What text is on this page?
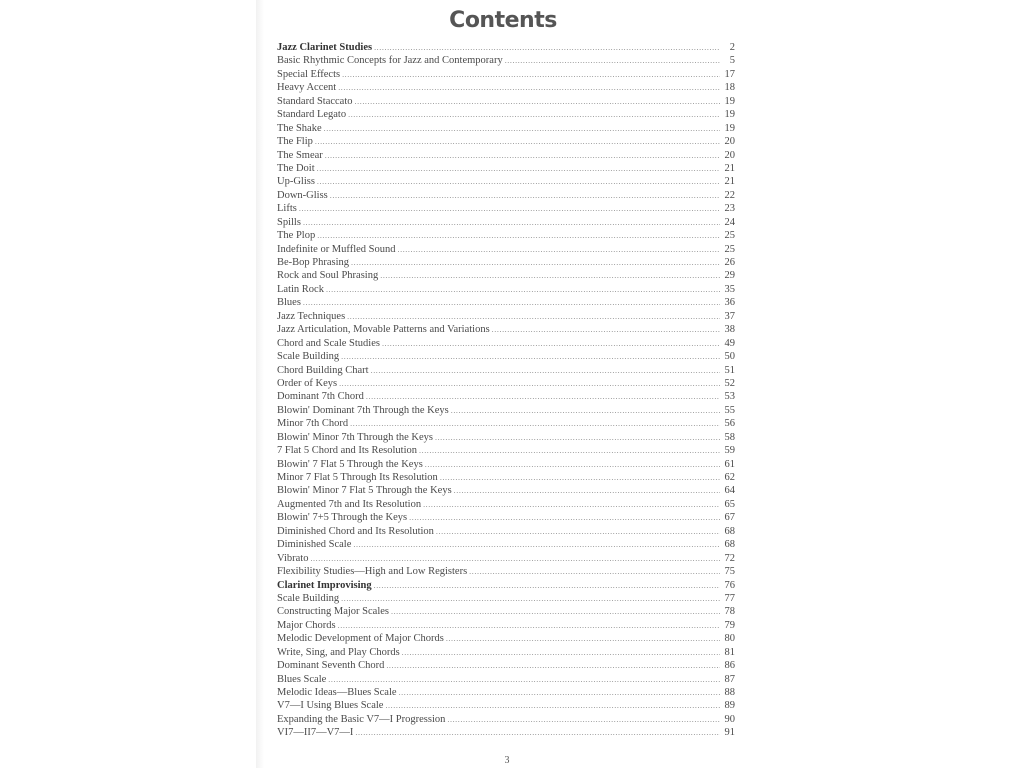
Contents
Jazz Clarinet Studies .....	2
Basic Rhythmic Concepts for Jazz and Contemporary .....	5
Special Effects .....	17
Heavy Accent .....	18
Standard Staccato .....	19
Standard Legato .....	19
The Shake .....	19
The Flip .....	20
The Smear .....	20
The Doit .....	21
Up-Gliss .....	21
Down-Gliss .....	22
Lifts .....	23
Spills .....	24
The Plop .....	25
Indefinite or Muffled Sound .....	25
Be-Bop Phrasing .....	26
Rock and Soul Phrasing .....	29
Latin Rock .....	35
Blues .....	36
Jazz Techniques .....	37
Jazz Articulation, Movable Patterns and Variations .....	38
Chord and Scale Studies .....	49
Scale Building .....	50
Chord Building Chart .....	51
Order of Keys .....	52
Dominant 7th Chord .....	53
Blowin' Dominant 7th Through the Keys .....	55
Minor 7th Chord .....	56
Blowin' Minor 7th Through the Keys .....	58
7 Flat 5 Chord and Its Resolution .....	59
Blowin' 7 Flat 5 Through the Keys .....	61
Minor 7 Flat 5 Through Its Resolution .....	62
Blowin' Minor 7 Flat 5 Through the Keys .....	64
Augmented 7th and Its Resolution .....	65
Blowin' 7+5 Through the Keys .....	67
Diminished Chord and Its Resolution .....	68
Diminished Scale .....	68
Vibrato .....	72
Flexibility Studies—High and Low Registers .....	75
Clarinet Improvising .....	76
Scale Building .....	77
Constructing Major Scales .....	78
Major Chords .....	79
Melodic Development of Major Chords .....	80
Write, Sing, and Play Chords .....	81
Dominant Seventh Chord .....	86
Blues Scale .....	87
Melodic Ideas—Blues Scale .....	88
V7—I Using Blues Scale .....	89
Expanding the Basic V7—I Progression .....	90
VI7—II7—V7—I .....	91

3
